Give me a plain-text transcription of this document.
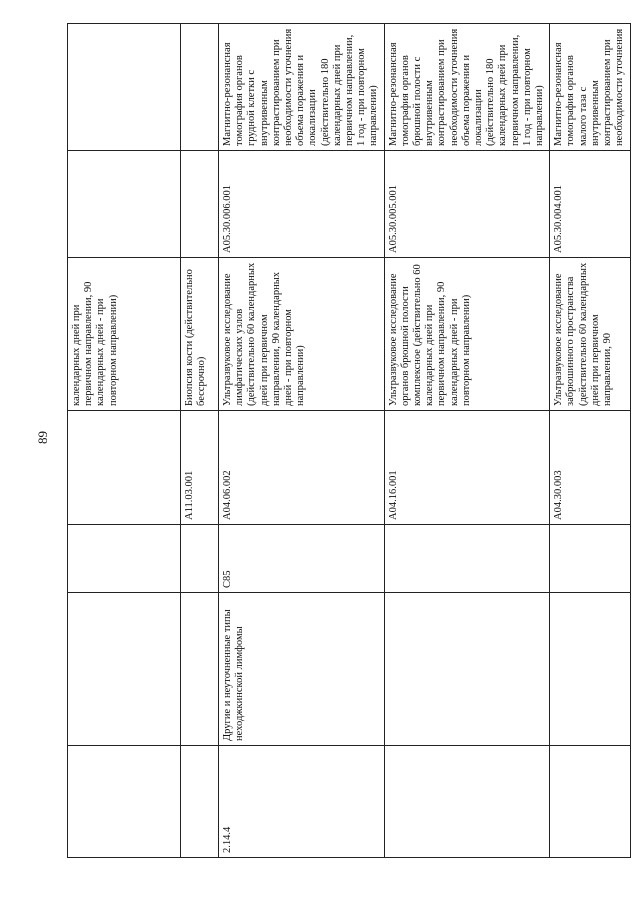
89
				календарных дней при первичном направлении, 90 календарных дней - при повторном направлении)		
			A11.03.001	Биопсия кости (действительно бессрочно)		
2.14.4	Другие и неуточненные типы неходжкинской лимфомы	C85	A04.06.002	Ультразвуковое исследование лимфатических узлов (действительно 60 календарных дней при первичном направлении, 90 календарных дней - при повторном направлении)	A05.30.006.001	Магнитно-резонансная томография органов грудной клетки с внутривенным контрастированием при необходимости уточнения объема поражения и локализации (действительно 180 календарных дней при первичном направлении, 1 год - при повторном направлении)
			A04.16.001	Ультразвуковое исследование органов брюшной полости комплексное (действительно 60 календарных дней при первичном направлении, 90 календарных дней - при повторном направлении)	A05.30.005.001	Магнитно-резонансная томография органов брюшной полости с внутривенным контрастированием при необходимости уточнения объема поражения и локализации (действительно 180 календарных дней при первичном направлении, 1 год - при повторном направлении)
			A04.30.003	Ультразвуковое исследование забрюшинного пространства (действительно 60 календарных дней при первичном направлении, 90	A05.30.004.001	Магнитно-резонансная томография органов малого таза с внутривенным контрастированием при необходимости уточнения
